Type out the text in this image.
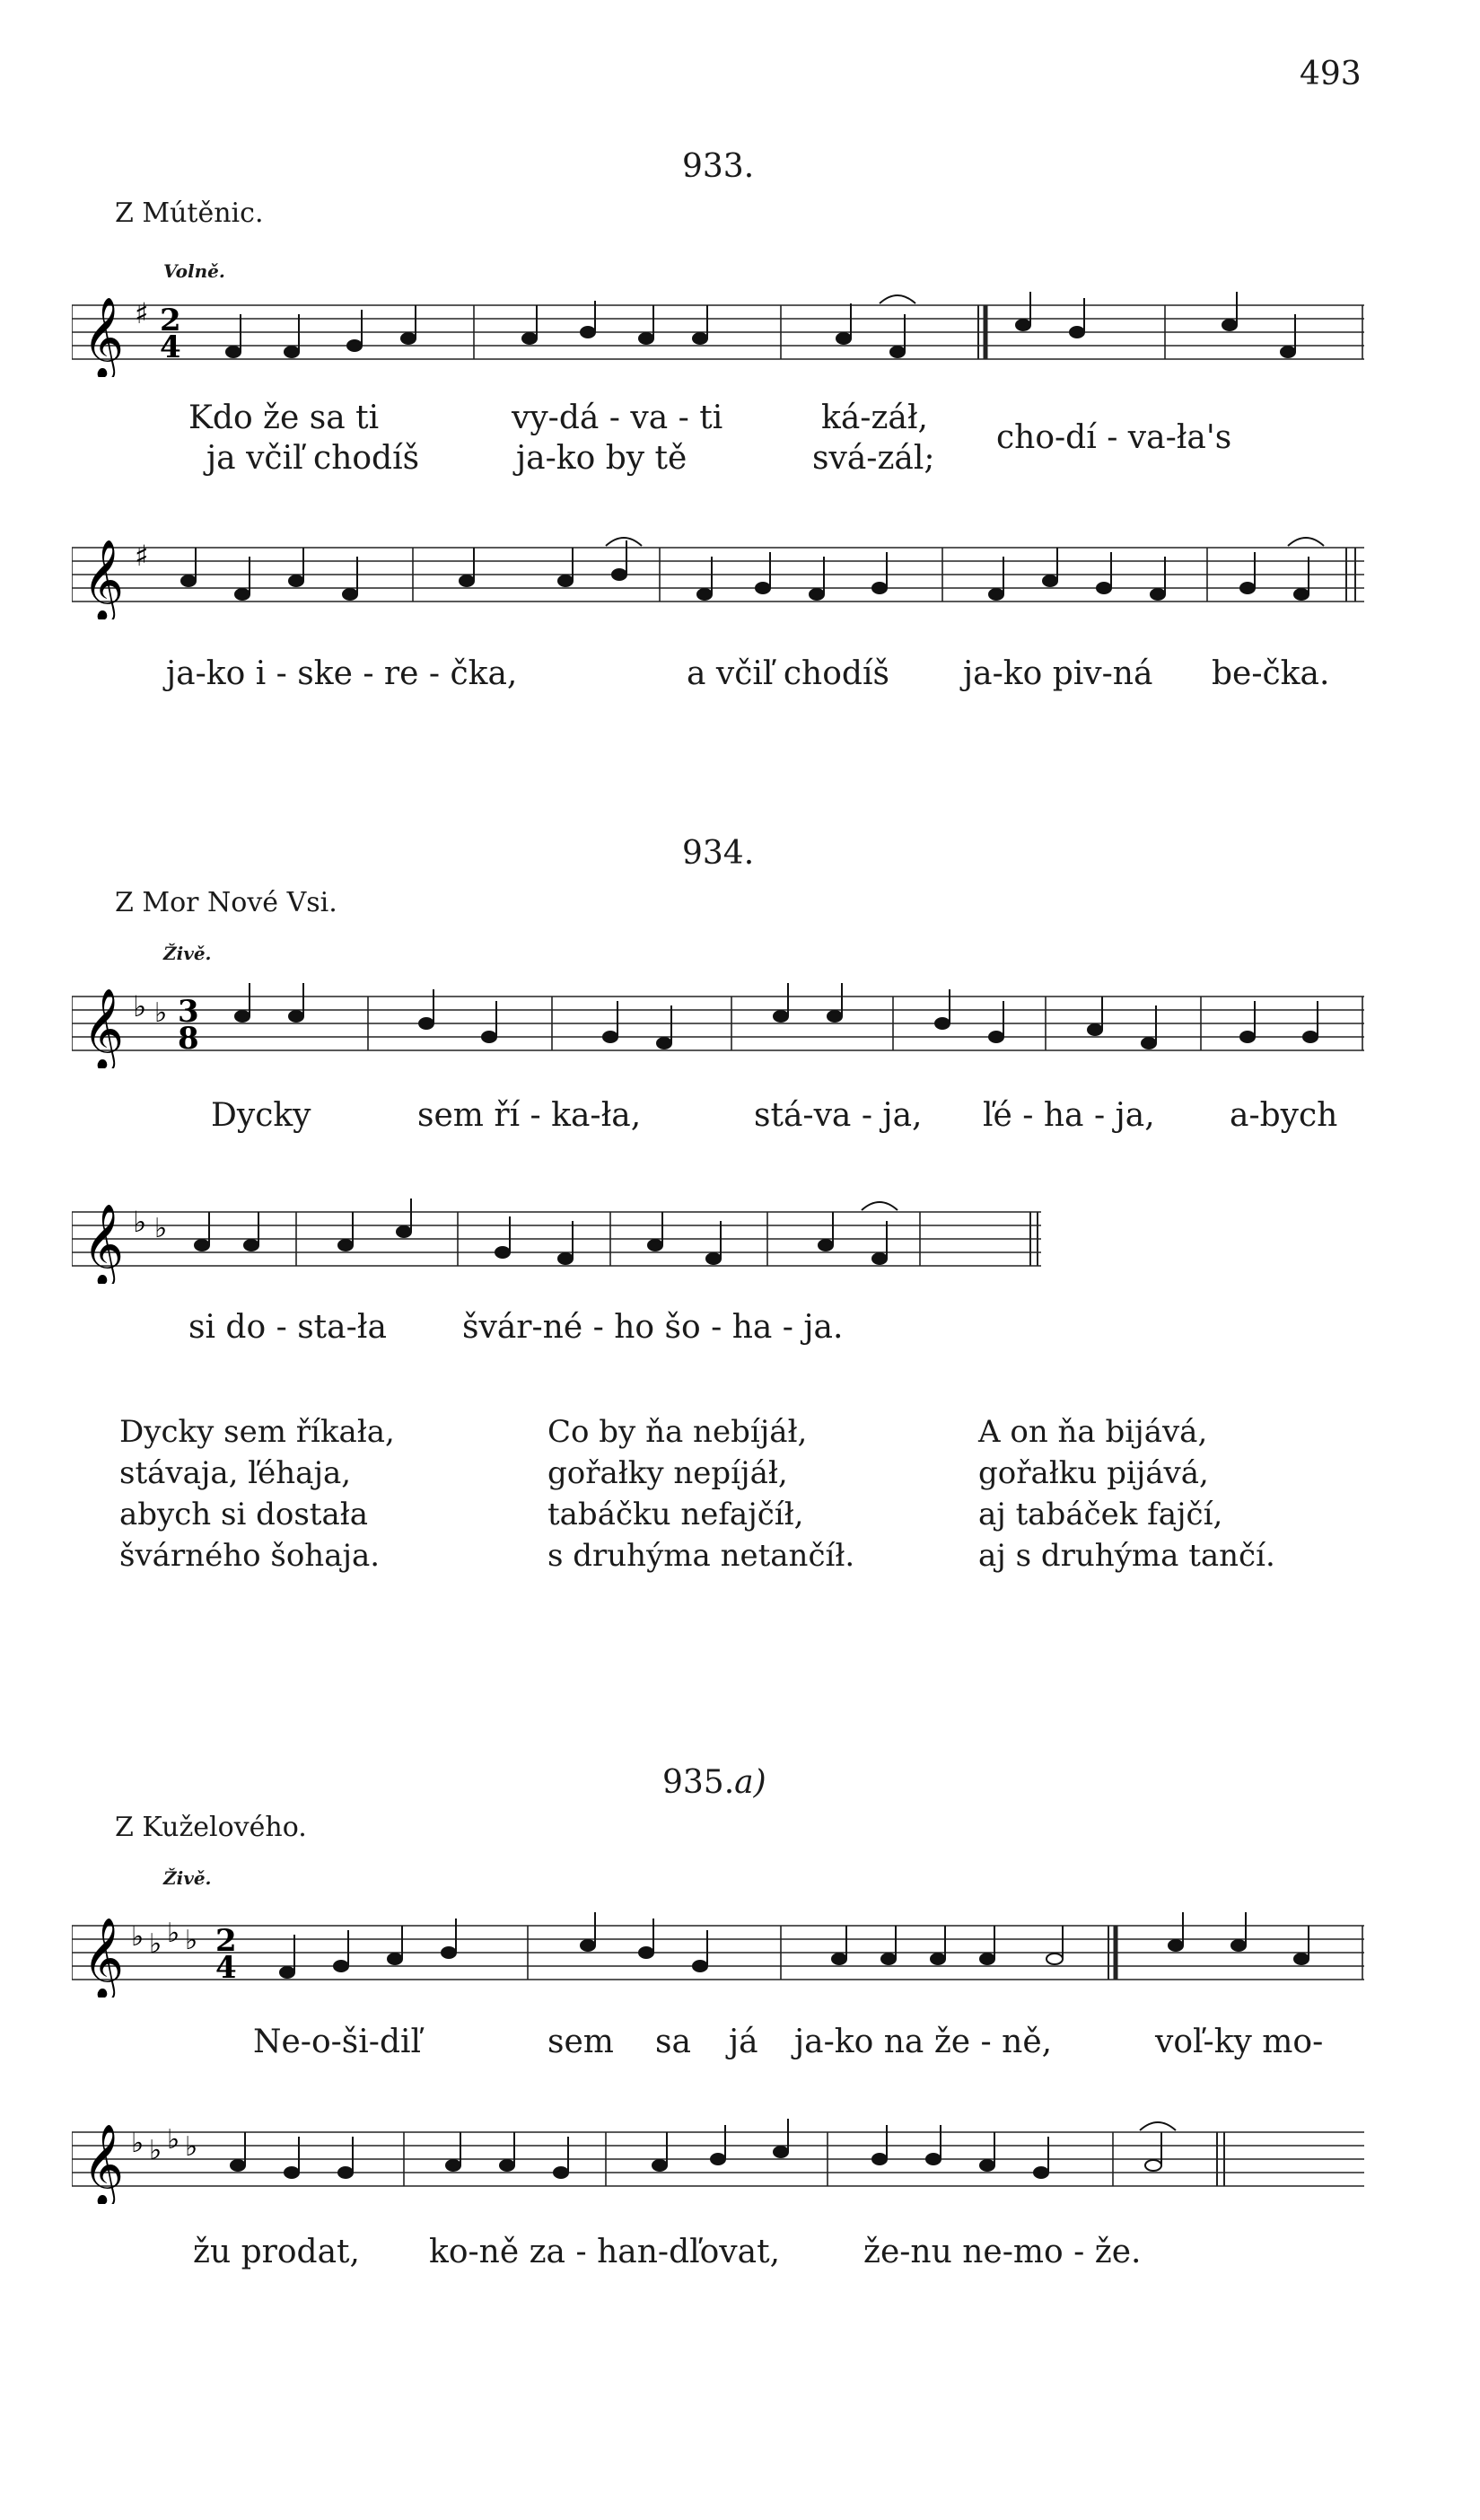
493
933.
Z Mútěnic.
Volně.
𝄞 ♯ 2
4
Kdo že sa ti	vy-dá - va - ti	ká-záł,
ja včiľ chodíš	ja-ko by tě	svá-zál;
cho-dí - va-ła's
𝄞 ♯
ja-ko i - ske - re - čka,	a včiľ chodíš ja-ko piv-ná be-čka.
934.
Z Mor Nové Vsi.
Živě.
𝄞 ♭ ♭ 3
8
Dycky	sem ří - ka-ła,	stá-va - ja, ľé - ha - ja, a-bych
𝄞 ♭ ♭
si do - sta-ła švár-né - ho šo - ha - ja.
Dycky sem říkała,
stávaja, ľéhaja,
abych si dostała
švárného šohaja.
Co by ňa nebíjáł,
gořałky nepíjáł,
tabáčku nefajčíł,
s druhýma netančíł.
A on ňa bijává,
gořałku pijává,
aj tabáček fajčí,
aj s druhýma tančí.
935.a)
Z Kuželového.
Živě.
𝄞 ♭ ♭ ♭ ♭ 2
4
Ne-o-ši-diľ	sem sa já ja-ko na že - ně,	voľ-ky mo-
𝄞 ♭ ♭ ♭ ♭
žu prodat, ko-ně za - han-dľovat,	že-nu ne-mo - že.
